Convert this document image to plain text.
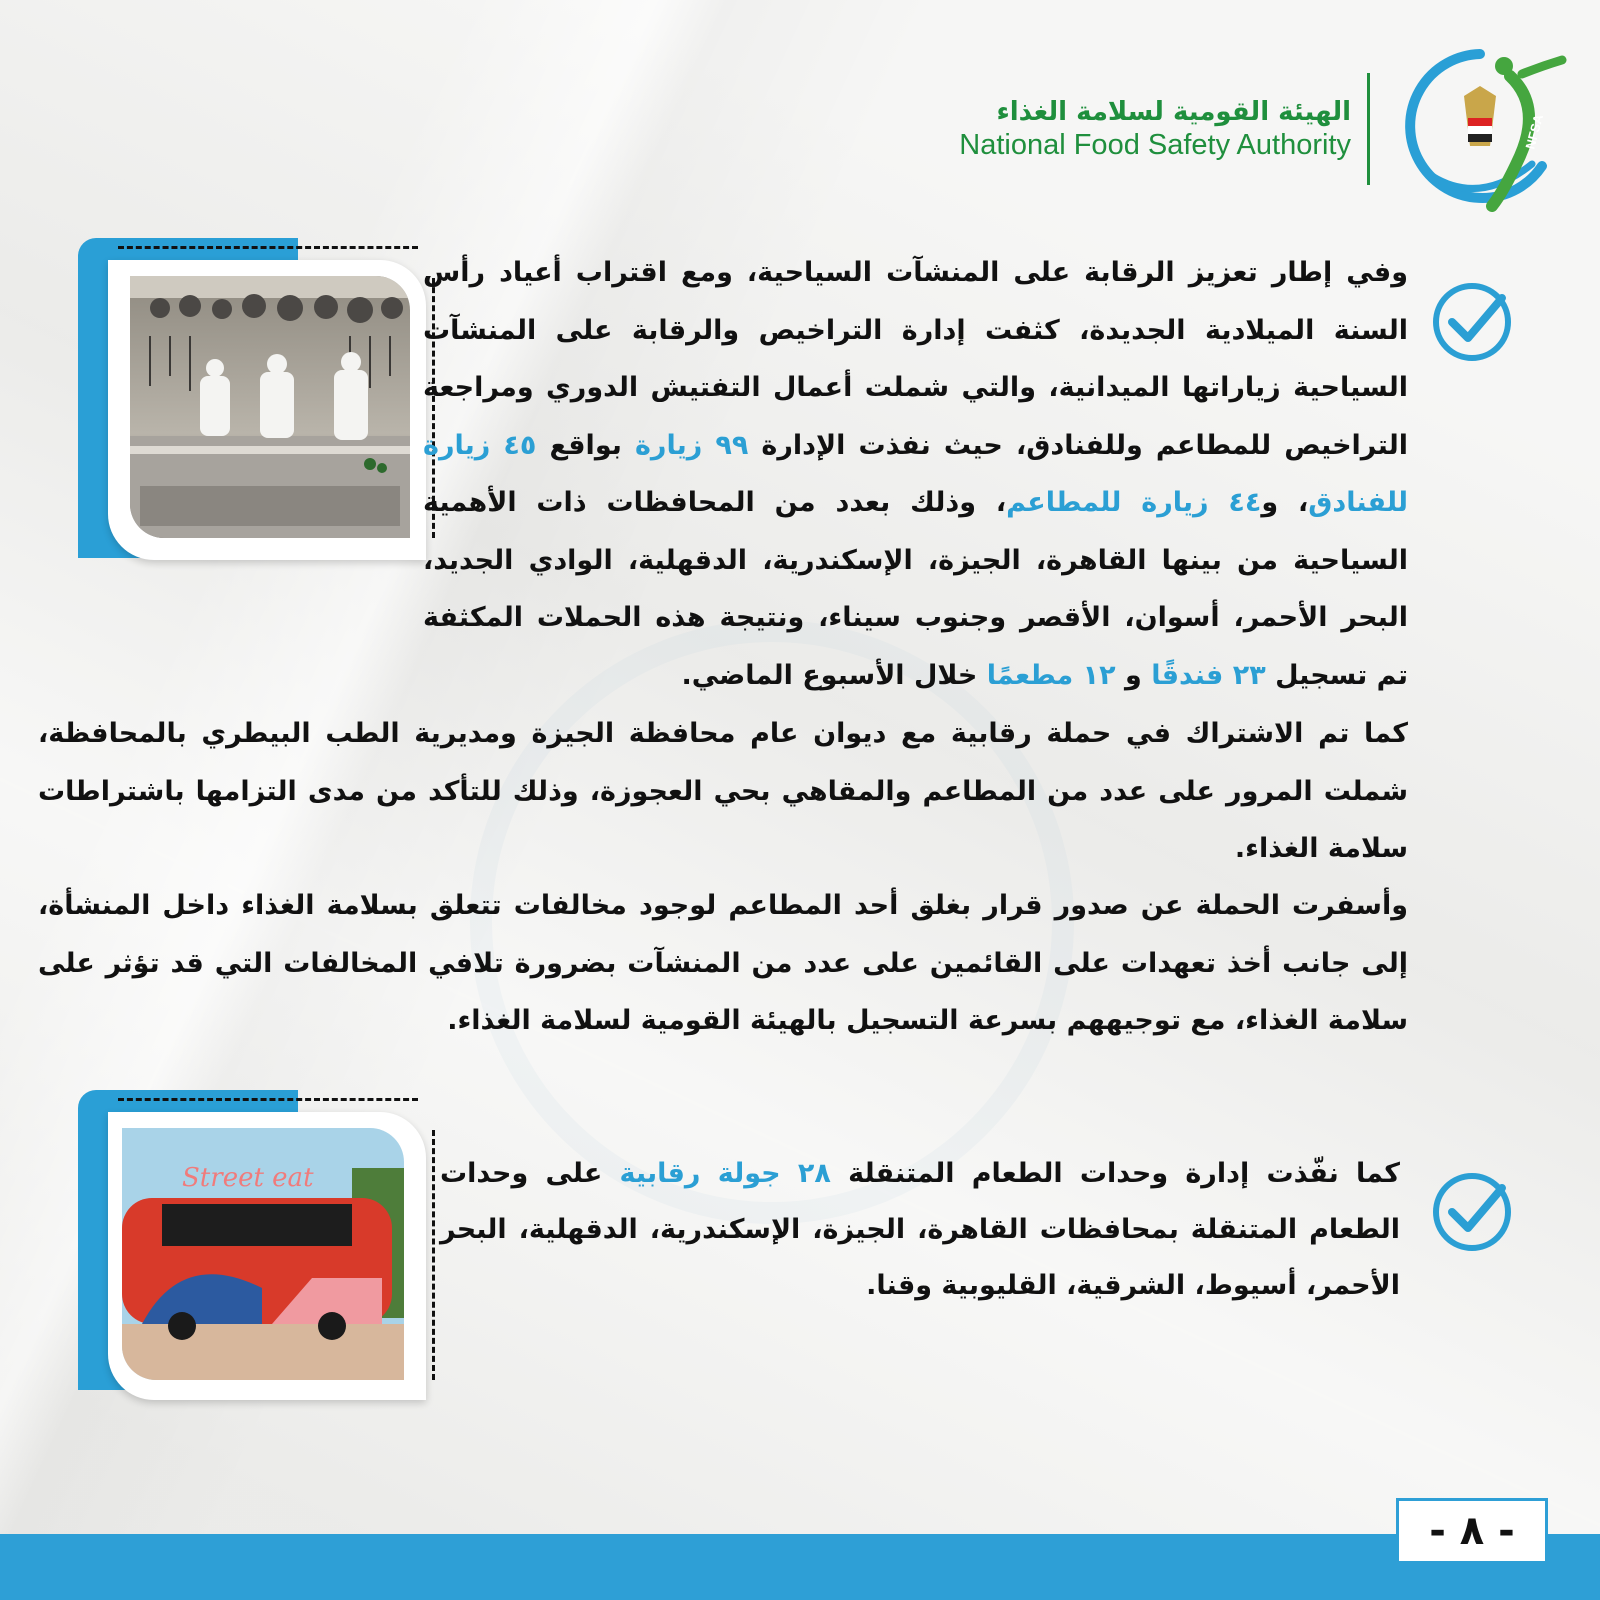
الهيئة القومية لسلامة الغذاء
National Food Safety Authority	NFSA
وفي إطار تعزيز الرقابة على المنشآت السياحية، ومع اقتراب أعياد رأس السنة الميلادية الجديدة، كثفت إدارة التراخيص والرقابة على المنشآت السياحية زياراتها الميدانية، والتي شملت أعمال التفتيش الدوري ومراجعة التراخيص للمطاعم وللفنادق، حيث نفذت الإدارة ٩٩ زيارة بواقع ٤٥ زيارة للفنادق، و٤٤ زيارة للمطاعم، وذلك بعدد من المحافظات ذات الأهمية السياحية من بينها القاهرة، الجيزة، الإسكندرية، الدقهلية، الوادي الجديد، البحر الأحمر، أسوان، الأقصر وجنوب سيناء، ونتيجة هذه الحملات المكثفة تم تسجيل ٢٣ فندقًا و ١٢ مطعمًا خلال الأسبوع الماضي.
كما تم الاشتراك في حملة رقابية مع ديوان عام محافظة الجيزة ومديرية الطب البيطري بالمحافظة، شملت المرور على عدد من المطاعم والمقاهي بحي العجوزة، وذلك للتأكد من مدى التزامها باشتراطات سلامة الغذاء.
وأسفرت الحملة عن صدور قرار بغلق أحد المطاعم لوجود مخالفات تتعلق بسلامة الغذاء داخل المنشأة، إلى جانب أخذ تعهدات على القائمين على عدد من المنشآت بضرورة تلافي المخالفات التي قد تؤثر على سلامة الغذاء، مع توجيههم بسرعة التسجيل بالهيئة القومية لسلامة الغذاء.
Street eat	كما نفّذت إدارة وحدات الطعام المتنقلة ٢٨ جولة رقابية على وحدات الطعام المتنقلة بمحافظات القاهرة، الجيزة، الإسكندرية، الدقهلية، البحر الأحمر، أسيوط، الشرقية، القليوبية وقنا.
- ٨ -
